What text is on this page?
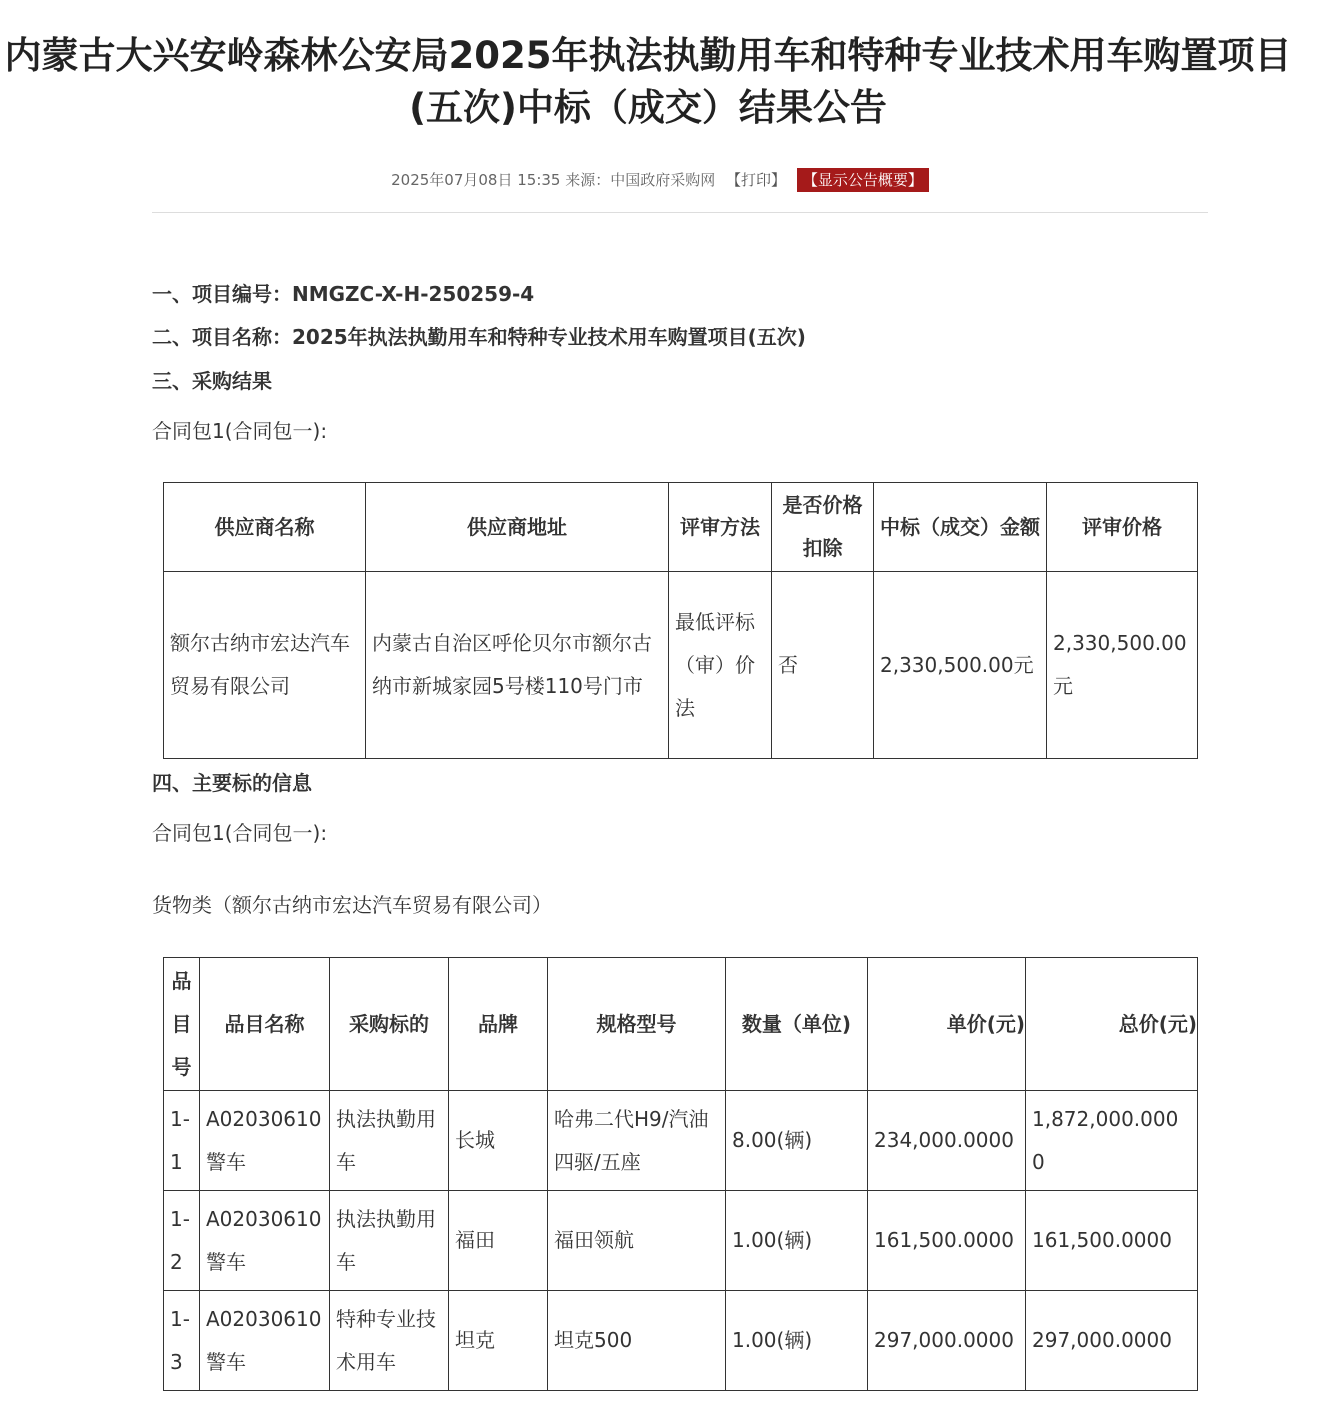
内蒙古大兴安岭森林公安局2025年执法执勤用车和特种专业技术用车购置项目
(五次)中标（成交）结果公告
2025年07月08日 15:35 来源：中国政府采购网 【打印】 【显示公告概要】
一、项目编号：NMGZC-X-H-250259-4
二、项目名称：2025年执法执勤用车和特种专业技术用车购置项目(五次)
三、采购结果
合同包1(合同包一):
供应商名称	供应商地址	评审方法	是否价格扣除	中标（成交）金额	评审价格
额尔古纳市宏达汽车贸易有限公司	内蒙古自治区呼伦贝尔市额尔古纳市新城家园5号楼110号门市	最低评标（审）价法	否	2,330,500.00元	2,330,500.00元
四、主要标的信息
合同包1(合同包一):
货物类（额尔古纳市宏达汽车贸易有限公司）
品目号	品目名称	采购标的	品牌	规格型号	数量（单位)	单价(元)	总价(元)
1-1	A02030610警车	执法执勤用车	长城	哈弗二代H9/汽油四驱/五座	8.00(辆)	234,000.0000	1,872,000.0000
1-2	A02030610警车	执法执勤用车	福田	福田领航	1.00(辆)	161,500.0000	161,500.0000
1-3	A02030610警车	特种专业技术用车	坦克	坦克500	1.00(辆)	297,000.0000	297,000.0000
